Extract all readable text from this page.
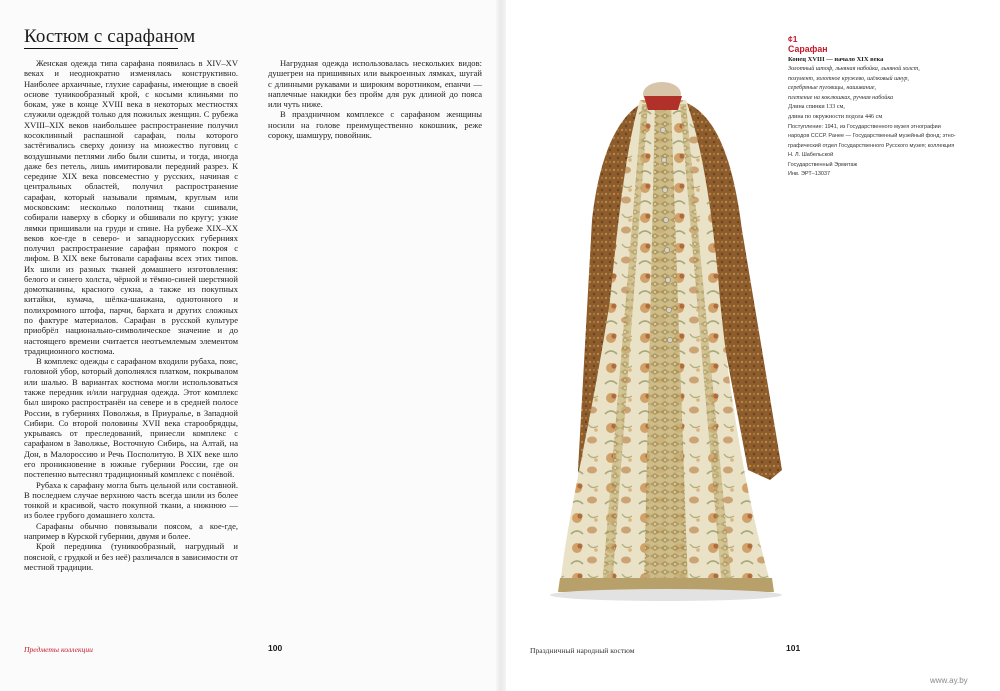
Костюм с сарафаном

Женская одежда типа сарафана появилась в XIV–XV веках и неоднократно изменялась конструктивно. Наиболее архаичные, глухие сарафаны, имеющие в своей основе туникообразный крой, с косыми клиньями по бокам, уже в конце XVIII века в некоторых местностях служили одеждой только для пожилых женщин. С рубежа XVIII–XIX веков наибольшее распространение получил косоклинный распашной сарафан, полы которого застёгивались сверху донизу на множество пуговиц с воздушными петлями либо были сшиты, и тогда, иногда даже без петель, лишь имитировали передний разрез. К середине XIX века повсеместно у русских, начиная с центральных областей, получил распространение сарафан, который называли прямым, круглым или московским: несколько полотнищ ткани сшивали, собирали наверху в сборку и обшивали по кругу; узкие лямки пришивали на груди и спине. На рубеже XIX–XX веков кое-где в северо- и западнорусских губерниях получил распространение сарафан прямого покроя с лифом. В XIX веке бытовали сарафаны всех этих типов. Их шили из разных тканей домашнего изготовления: белого и синего холста, чёрной и тёмно-синей шерстяной домотканины, красного сукна, а также из покупных китайки, кумача, шёлка-шанжана, однотонного и полихромного штофа, парчи, бархата и других сложных по фактуре материалов. Сарафан в русской культуре приобрёл национально-символическое значение и до настоящего времени считается неотъемлемым элементом традиционного костюма.

В комплекс одежды с сарафаном входили рубаха, пояс, головной убор, который дополнялся платком, покрывалом или шалью. В вариантах костюма могли использоваться также передник и/или нагрудная одежда. Этот комплекс был широко распространён на севере и в средней полосе России, в губерниях Поволжья, в Приуралье, в Западной Сибири. Со второй половины XVII века старообрядцы, укрываясь от преследований, принесли комплекс с сарафаном в Заволжье, Восточную Сибирь, на Алтай, на Дон, в Малороссию и Речь Посполитую. В XIX веке шло его проникновение в южные губернии России, где он постепенно вытеснял традиционный комплекс с понёвой.

Рубаха к сарафану могла быть цельной или составной. В последнем случае верхнюю часть всегда шили из более тонкой и красивой, часто покупной ткани, а нижнюю — из более грубого домашнего холста.

Сарафаны обычно повязывали поясом, а кое-где, например в Курской губернии, двумя и более.

Крой передника (туникообразный, нагрудный и поясной, с грудкой и без неё) различался в зависимости от местной традиции.

Нагрудная одежда использовалась нескольких видов: душегреи на пришивных или выкроенных лямках, шугай с длинными рукавами и широким воротником, епанчи — наплечные накидки без пройм для рук длиной до пояса или чуть ниже.

В праздничном комплексе с сарафаном женщины носили на голове преимущественно кокошник, реже сороку, шамшуру, повойник.

Предметы коллекции	100
¢1
Сарафан
Конец XVIII — начало XIX века
Золотный штоф, льняная набойка, льняной холст,
позумент, золотное кружево, шёлковый шнур,
серебряные пуговицы, нашивание,
плетение на коклюшках, ручная набойка
Длина спинки 133 см,
длина по окружности подола 446 см
Поступление: 1941, из Государственного музея этнографии
народов СССР. Ранее — Государственный музейный фонд; этно-
графический отдел Государственного Русского музея; коллекция
Н. Л. Шабельской
Государственный Эрмитаж
Инв. ЭРТ–13037
Праздничный народный костюм	101
www.ay.by
